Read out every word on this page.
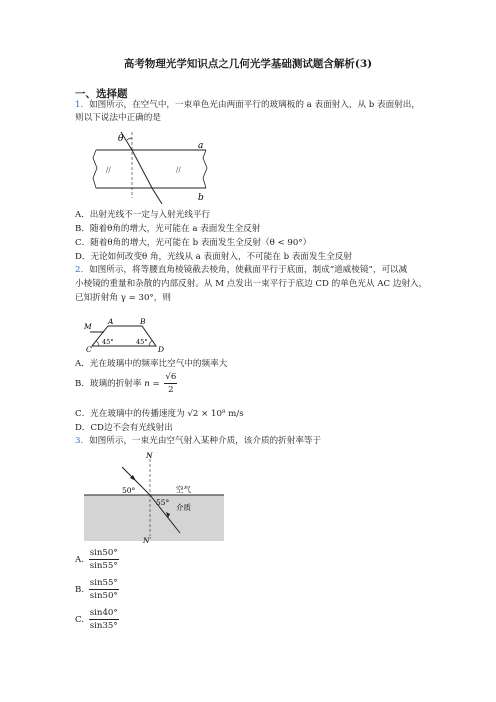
高考物理光学知识点之几何光学基础测试题含解析(3)
一、选择题
1．如图所示，在空气中，一束单色光由两面平行的玻璃板的 a 表面射入，从 b 表面射出，
则以下说法中正确的是
θ
a
b
//
//
A．出射光线不一定与入射光线平行
B．随着θ角的增大，光可能在 a 表面发生全反射
C．随着θ角的增大，光可能在 b 表面发生全反射（θ < 90°）
D．无论如何改变θ 角，光线从 a 表面射入，不可能在 b 表面发生全反射
2．如图所示，将等腰直角棱镜截去棱角，使截面平行于底面，制成“道威棱镜”，可以减
小棱镜的重量和杂散的内部反射。从 M 点发出一束平行于底边 CD 的单色光从 AC 边射入，
已知折射角 γ = 30°，则
M
A	B
C	D
45°	45°
A．光在玻璃中的频率比空气中的频率大
B．玻璃的折射率 $n = \frac{√6}{2}$
C．光在玻璃中的传播速度为 √2 × 10⁸ m/s
D．CD边不会有光线射出
3．如图所示，一束光由空气射入某种介质，该介质的折射率等于
N
N′
50°
55°
空气
介质
A. $\frac{\sin 50^\circ}{\sin 55^\circ}$
B. $\frac{\sin 55^\circ}{\sin 50^\circ}$
C. $\frac{\sin 40^\circ}{\sin 35^\circ}$
